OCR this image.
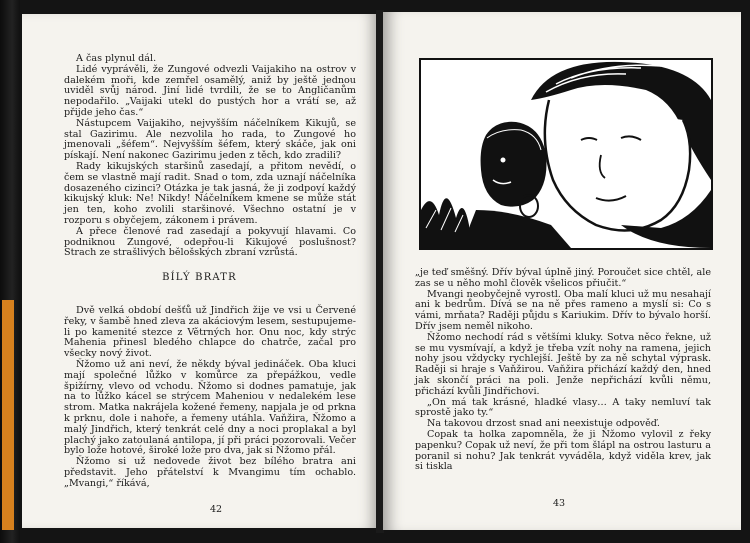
A čas plynul dál.

Lidé vyprávěli, že Zungové odvezli Vaijakiho na ostrov v dalekém moři, kde zemřel osamělý, aniž by ještě jednou uviděl svůj národ. Jiní lidé tvrdili, že se to Angličanům nepodařilo. „Vaijaki utekl do pustých hor a vrátí se, až přijde jeho čas.“

Nástupcem Vaijakiho, nejvyšším náčelníkem Kikujů, se stal Gazirimu. Ale nezvolila ho rada, to Zungové ho jmenovali „šéfem“. Nejvyšším šéfem, který skáče, jak oni pískají. Není nakonec Gazirimu jeden z těch, kdo zradili?

Rady kikujských staršinů zasedají, a přitom nevědí, o čem se vlastně mají radit. Snad o tom, zda uznají náčelníka dosazeného cizinci? Otázka je tak jasná, že ji zodpoví každý kikujský kluk: Ne! Nikdy! Náčelníkem kmene se může stát jen ten, koho zvolili staršinové. Všechno ostatní je v rozporu s obyčejem, zákonem i právem.

A přece členové rad zasedají a pokyvují hlavami. Co podniknou Zungové, odepřou-li Kikujové poslušnost? Strach ze strašlivých bělošských zbraní vzrůstá.

BÍLÝ BRATR

Dvě velká období dešťů už Jindřich žije ve vsi u Červené řeky, v šambě hned zleva za akáciovým lesem, sestupujeme-li po kamenité stezce z Větrných hor. Onu noc, kdy strýc Mahenia přinesl bledého chlapce do chatrče, začal pro všecky nový život.

Ňžomo už ani neví, že někdy býval jedináček. Oba kluci mají společné lůžko v komůrce za přepážkou, vedle špižírny, vlevo od vchodu. Ňžomo si dodnes pamatuje, jak na to lůžko kácel se strýcem Maheniou v nedalekém lese strom. Matka nakrájela kožené řemeny, napjala je od prkna k prknu, dole i nahoře, a řemeny utáhla. Vaňžira, Ňžomo a malý Jindřich, který tenkrát celé dny a noci proplakal a byl plachý jako zatoulaná antilopa, jí při práci pozorovali. Večer bylo lože hotové, široké lože pro dva, jak si Ňžomo přál.

Ňžomo si už nedovede život bez bílého bratra ani představit. Jeho přátelství k Mvangimu tím ochablo. „Mvangi,“ říkává,

42

„je teď směšný. Dřív býval úplně jiný. Poroučet sice chtěl, ale zas se u něho mohl člověk všelicos přiučit.“

Mvangi neobyčejně vyrostl. Oba malí kluci už mu nesahají ani k bedrům. Dívá se na ně přes rameno a myslí si: Co s vámi, mrňata? Raději půjdu s Kariukim. Dřív to bývalo horší. Dřív jsem neměl nikoho.

Ňžomo nechodí rád s většími kluky. Sotva něco řekne, už se mu vysmívají, a když je třeba vzít nohy na ramena, jejich nohy jsou vždycky rychlejší. Ještě by za ně schytal výprask. Raději si hraje s Vaňžirou. Vaňžira přichází každý den, hned jak skončí práci na poli. Jenže nepřichází kvůli němu, přichází kvůli Jindřichovi.

„On má tak krásné, hladké vlasy… A taky nemluví tak sprostě jako ty.“

Na takovou drzost snad ani neexistuje odpověď.

Copak ta holka zapomněla, že ji Ňžomo vylovil z řeky papenku? Copak už neví, že při tom šlápl na ostrou lasturu a poranil si nohu? Jak tenkrát vyváděla, když viděla krev, jak si tiskla

43
